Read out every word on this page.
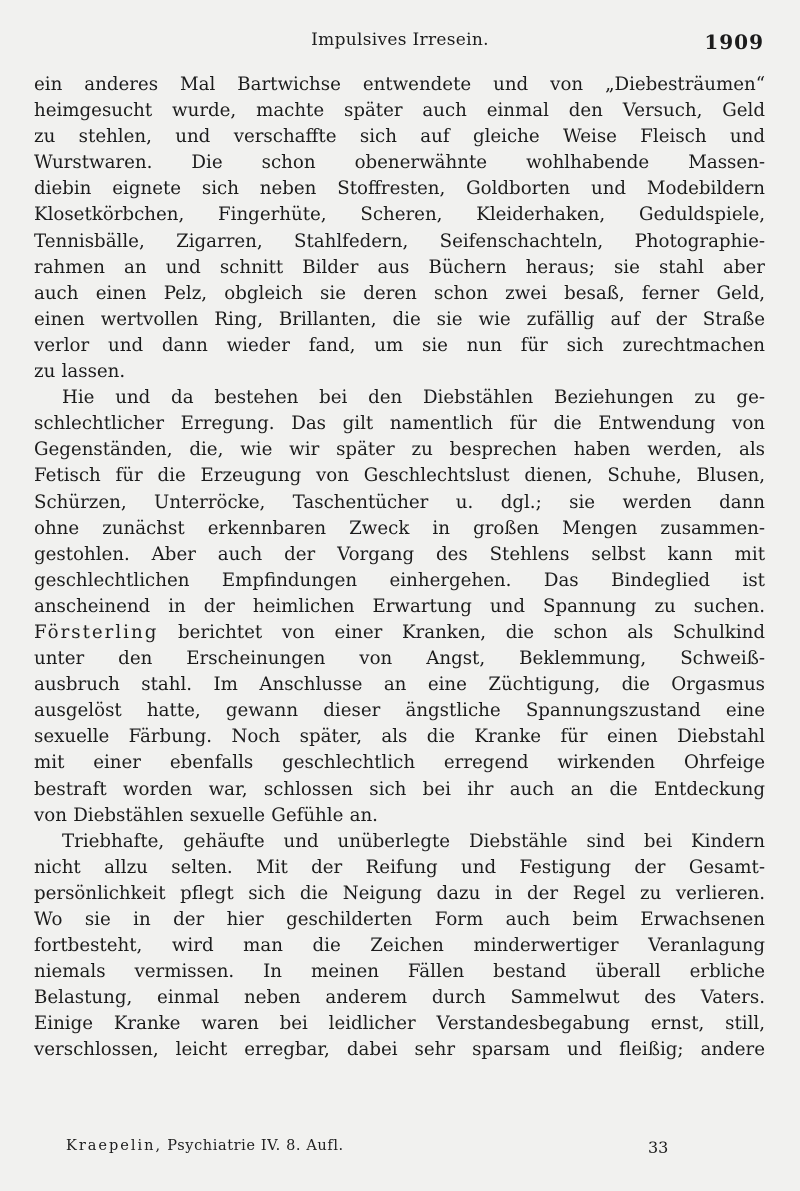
Impulsives Irresein.	1909
ein anderes Mal Bartwichse entwendete und von „Diebesträumen“
heimgesucht wurde, machte später auch einmal den Versuch, Geld
zu stehlen, und verschaffte sich auf gleiche Weise Fleisch und
Wurstwaren. Die schon obenerwähnte wohlhabende Massen-
diebin eignete sich neben Stoffresten, Goldborten und Modebildern
Klosetkörbchen, Fingerhüte, Scheren, Kleiderhaken, Geduldspiele,
Tennisbälle, Zigarren, Stahlfedern, Seifenschachteln, Photographie-
rahmen an und schnitt Bilder aus Büchern heraus; sie stahl aber
auch einen Pelz, obgleich sie deren schon zwei besaß, ferner Geld,
einen wertvollen Ring, Brillanten, die sie wie zufällig auf der Straße
verlor und dann wieder fand, um sie nun für sich zurechtmachen
zu lassen.
Hie und da bestehen bei den Diebstählen Beziehungen zu ge-
schlechtlicher Erregung. Das gilt namentlich für die Entwendung von
Gegenständen, die, wie wir später zu besprechen haben werden, als
Fetisch für die Erzeugung von Geschlechtslust dienen, Schuhe, Blusen,
Schürzen, Unterröcke, Taschentücher u. dgl.; sie werden dann
ohne zunächst erkennbaren Zweck in großen Mengen zusammen-
gestohlen. Aber auch der Vorgang des Stehlens selbst kann mit
geschlechtlichen Empfindungen einhergehen. Das Bindeglied ist
anscheinend in der heimlichen Erwartung und Spannung zu suchen.
Försterling berichtet von einer Kranken, die schon als Schulkind
unter den Erscheinungen von Angst, Beklemmung, Schweiß-
ausbruch stahl. Im Anschlusse an eine Züchtigung, die Orgasmus
ausgelöst hatte, gewann dieser ängstliche Spannungszustand eine
sexuelle Färbung. Noch später, als die Kranke für einen Diebstahl
mit einer ebenfalls geschlechtlich erregend wirkenden Ohrfeige
bestraft worden war, schlossen sich bei ihr auch an die Entdeckung
von Diebstählen sexuelle Gefühle an.
Triebhafte, gehäufte und unüberlegte Diebstähle sind bei Kindern
nicht allzu selten. Mit der Reifung und Festigung der Gesamt-
persönlichkeit pflegt sich die Neigung dazu in der Regel zu verlieren.
Wo sie in der hier geschilderten Form auch beim Erwachsenen
fortbesteht, wird man die Zeichen minderwertiger Veranlagung
niemals vermissen. In meinen Fällen bestand überall erbliche
Belastung, einmal neben anderem durch Sammelwut des Vaters.
Einige Kranke waren bei leidlicher Verstandesbegabung ernst, still,
verschlossen, leicht erregbar, dabei sehr sparsam und fleißig; andere
Kraepelin, Psychiatrie IV. 8. Aufl.	33
